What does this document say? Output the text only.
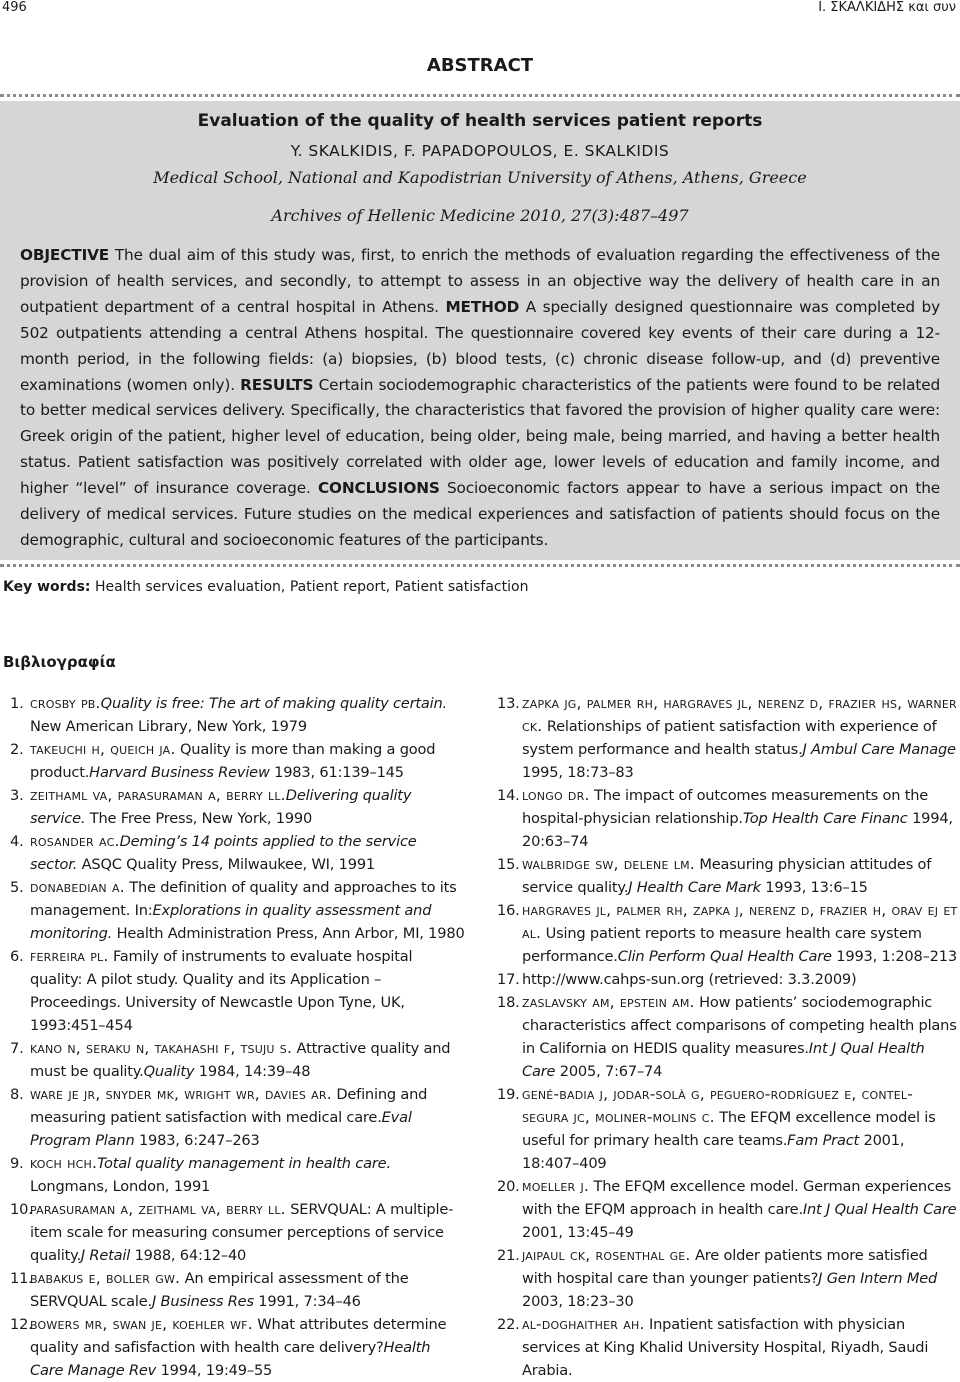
496	Ι. ΣΚΑΛΚΙΔΗΣ και συν
ABSTRACT
Evaluation of the quality of health services patient reports
Y. SKALKIDIS, F. PAPADOPOULOS, E. SKALKIDIS
Medical School, National and Kapodistrian University of Athens, Athens, Greece
Archives of Hellenic Medicine 2010, 27(3):487–497
OBJECTIVE The dual aim of this study was, first, to enrich the methods of evaluation regarding the effectiveness of the provision of health services, and secondly, to attempt to assess in an objective way the delivery of health care in an outpatient department of a central hospital in Athens. METHOD A specially designed questionnaire was completed by 502 outpatients attending a central Athens hospital. The questionnaire covered key events of their care during a 12-month period, in the following fields: (a) biopsies, (b) blood tests, (c) chronic disease follow-up, and (d) preventive examinations (women only). RESULTS Certain sociodemographic characteristics of the patients were found to be related to better medical services delivery. Specifically, the characteristics that favored the provision of higher quality care were: Greek origin of the patient, higher level of education, being older, being male, being married, and having a better health status. Patient satisfaction was positively correlated with older age, lower levels of education and family income, and higher “level” of insurance coverage. CONCLUSIONS Socioeconomic factors appear to have a serious impact on the delivery of medical services. Future studies on the medical experiences and satisfaction of patients should focus on the demographic, cultural and socioeconomic features of the participants.
Key words: Health services evaluation, Patient report, Patient satisfaction
Βιβλιογραφία
1. crosby pb.Quality is free: The art of making quality certain. New American Library, New York, 1979
2. takeuchi h, queich ja. Quality is more than making a good product.Harvard Business Review 1983, 61:139–145
3. zeithaml va, parasuraman a, berry ll.Delivering quality service. The Free Press, New York, 1990
4. rosander ac.Deming’s 14 points applied to the service sector. ASQC Quality Press, Milwaukee, WI, 1991
5. donabedian a. The definition of quality and approaches to its management. In:Explorations in quality assessment and monitoring. Health Administration Press, Ann Arbor, MI, 1980
6. ferreira pl. Family of instruments to evaluate hospital quality: A pilot study. Quality and its Application – Proceedings. University of Newcastle Upon Tyne, UK, 1993:451–454
7. kano n, seraku n, takahashi f, tsuju s. Attractive quality and must be quality.Quality 1984, 14:39–48
8. ware je jr, snyder mk, wright wr, davies ar. Defining and measuring patient satisfaction with medical care.Eval Program Plann 1983, 6:247–263
9. koch hch.Total quality management in health care. Longmans, London, 1991
10.
parasuraman a, zeithaml va, berry ll. SERVQUAL: A multiple-item scale for measuring consumer perceptions of service quality.J Retail 1988, 64:12–40
11.
babakus e, boller gw. An empirical assessment of the SERVQUAL scale.J Business Res 1991, 7:34–46
12.
bowers mr, swan je, koehler wf. What attributes determine quality and safisfaction with health care delivery?Health Care Manage Rev 1994, 19:49–55
13. zapka jg, palmer rh, hargraves jl, nerenz d, frazier hs, warner ck. Relationships of patient satisfaction with experience of system performance and health status.J Ambul Care Manage 1995, 18:73–83
14. longo dr. The impact of outcomes measurements on the hospital-physician relationship.Top Health Care Financ 1994, 20:63–74
15. walbridge sw, delene lm. Measuring physician attitudes of service quality.J Health Care Mark 1993, 13:6–15
16. hargraves jl, palmer rh, zapka j, nerenz d, frazier h, orav ej et al. Using patient reports to measure health care system performance.Clin Perform Qual Health Care 1993, 1:208–213
17. http://www.cahps-sun.org (retrieved: 3.3.2009)
18. zaslavsky am, epstein am. How patients’ sociodemographic characteristics affect comparisons of competing health plans in California on HEDIS quality measures.Int J Qual Health Care 2005, 7:67–74
19. gené-badia j, jodar-solà g, peguero-rodríguez e, contel-segura jc, moliner-molins c. The EFQM excellence model is useful for primary health care teams.Fam Pract 2001, 18:407–409
20. moeller j. The EFQM excellence model. German experiences with the EFQM approach in health care.Int J Qual Health Care 2001, 13:45–49
21. jaipaul ck, rosenthal ge. Are older patients more satisfied with hospital care than younger patients?J Gen Intern Med 2003, 18:23–30
22. al-doghaither ah. Inpatient satisfaction with physician services at King Khalid University Hospital, Riyadh, Saudi Arabia.
